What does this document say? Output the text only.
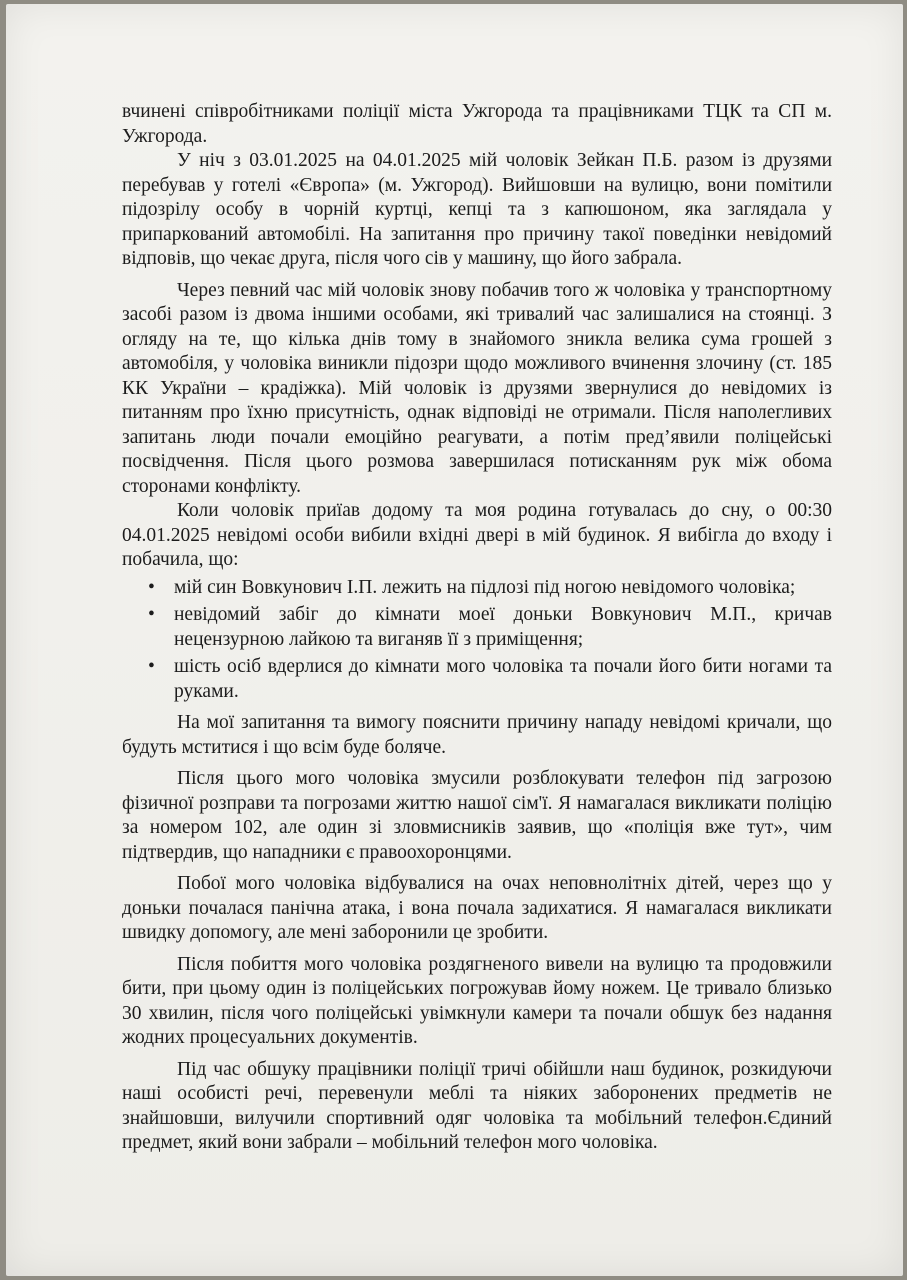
вчинені співробітниками поліції міста Ужгорода та працівниками ТЦК та СП м. Ужгорода.

У ніч з 03.01.2025 на 04.01.2025 мій чоловік Зейкан П.Б. разом із друзями перебував у готелі «Європа» (м. Ужгород). Вийшовши на вулицю, вони помітили підозрілу особу в чорній куртці, кепці та з капюшоном, яка заглядала у припаркований автомобілі. На запитання про причину такої поведінки невідомий відповів, що чекає друга, після чого сів у машину, що його забрала.

Через певний час мій чоловік знову побачив того ж чоловіка у транспортному засобі разом із двома іншими особами, які тривалий час залишалися на стоянці. З огляду на те, що кілька днів тому в знайомого зникла велика сума грошей з автомобіля, у чоловіка виникли підозри щодо можливого вчинення злочину (ст. 185 КК України – крадіжка). Мій чоловік із друзями звернулися до невідомих із питанням про їхню присутність, однак відповіді не отримали. Після наполегливих запитань люди почали емоційно реагувати, а потім пред’явили поліцейські посвідчення. Після цього розмова завершилася потисканням рук між обома сторонами конфлікту.

Коли чоловік приїав додому та моя родина готувалась до сну, о 00:30 04.01.2025 невідомі особи вибили вхідні двері в мій будинок. Я вибігла до входу і побачила, що:

• мій син Вовкунович І.П. лежить на підлозі під ногою невідомого чоловіка;
• невідомий забіг до кімнати моеї доньки Вовкунович М.П., кричав нецензурною лайкою та виганяв її з приміщення;
• шість осіб вдерлися до кімнати мого чоловіка та почали його бити ногами та руками.

На мої запитання та вимогу пояснити причину нападу невідомі кричали, що будуть мститися і що всім буде боляче.

Після цього мого чоловіка змусили розблокувати телефон під загрозою фізичної розправи та погрозами життю нашої сім'ї. Я намагалася викликати поліцію за номером 102, але один зі зловмисників заявив, що «поліція вже тут», чим підтвердив, що нападники є правоохоронцями.

Побої мого чоловіка відбувалися на очах неповнолітніх дітей, через що у доньки почалася панічна атака, і вона почала задихатися. Я намагалася викликати швидку допомогу, але мені заборонили це зробити.

Після побиття мого чоловіка роздягненого вивели на вулицю та продовжили бити, при цьому один із поліцейських погрожував йому ножем. Це тривало близько 30 хвилин, після чого поліцейські увімкнули камери та почали обшук без надання жодних процесуальних документів.

Під час обшуку працівники поліції тричі обійшли наш будинок, розкидуючи наші особисті речі, перевенули меблі та ніяких заборонених предметів не знайшовши, вилучили спортивний одяг чоловіка та мобільний телефон.Єдиний предмет, який вони забрали – мобільний телефон мого чоловіка.
